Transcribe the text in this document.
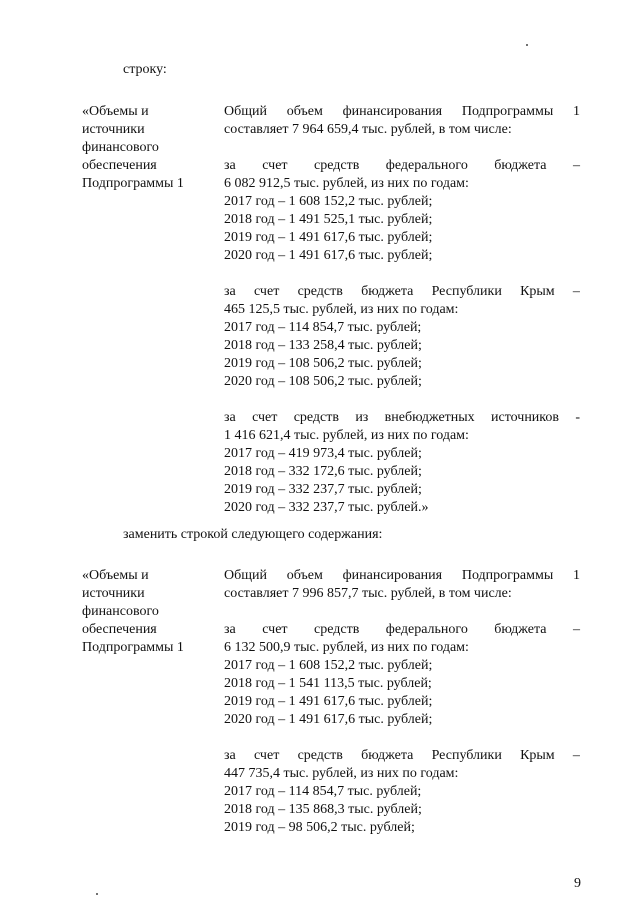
строку:
«Объемы и
источники
финансового
обеспечения
Подпрограммы 1
Общий объем финансирования Подпрограммы 1
составляет 7 964 659,4 тыс. рублей, в том числе:
за счет средств федерального бюджета –
6 082 912,5 тыс. рублей, из них по годам:
2017 год – 1 608 152,2 тыс. рублей;
2018 год – 1 491 525,1 тыс. рублей;
2019 год – 1 491 617,6 тыс. рублей;
2020 год – 1 491 617,6 тыс. рублей;
за счет средств бюджета Республики Крым –
465 125,5 тыс. рублей, из них по годам:
2017 год – 114 854,7 тыс. рублей;
2018 год – 133 258,4 тыс. рублей;
2019 год – 108 506,2 тыс. рублей;
2020 год – 108 506,2 тыс. рублей;
за счет средств из внебюджетных источников -
1 416 621,4 тыс. рублей, из них по годам:
2017 год – 419 973,4 тыс. рублей;
2018 год – 332 172,6 тыс. рублей;
2019 год – 332 237,7 тыс. рублей;
2020 год – 332 237,7 тыс. рублей.»
заменить строкой следующего содержания:
«Объемы и
источники
финансового
обеспечения
Подпрограммы 1
Общий объем финансирования Подпрограммы 1
составляет 7 996 857,7 тыс. рублей, в том числе:
за счет средств федерального бюджета –
6 132 500,9 тыс. рублей, из них по годам:
2017 год – 1 608 152,2 тыс. рублей;
2018 год – 1 541 113,5 тыс. рублей;
2019 год – 1 491 617,6 тыс. рублей;
2020 год – 1 491 617,6 тыс. рублей;
за счет средств бюджета Республики Крым –
447 735,4 тыс. рублей, из них по годам:
2017 год – 114 854,7 тыс. рублей;
2018 год – 135 868,3 тыс. рублей;
2019 год – 98 506,2 тыс. рублей;
9
